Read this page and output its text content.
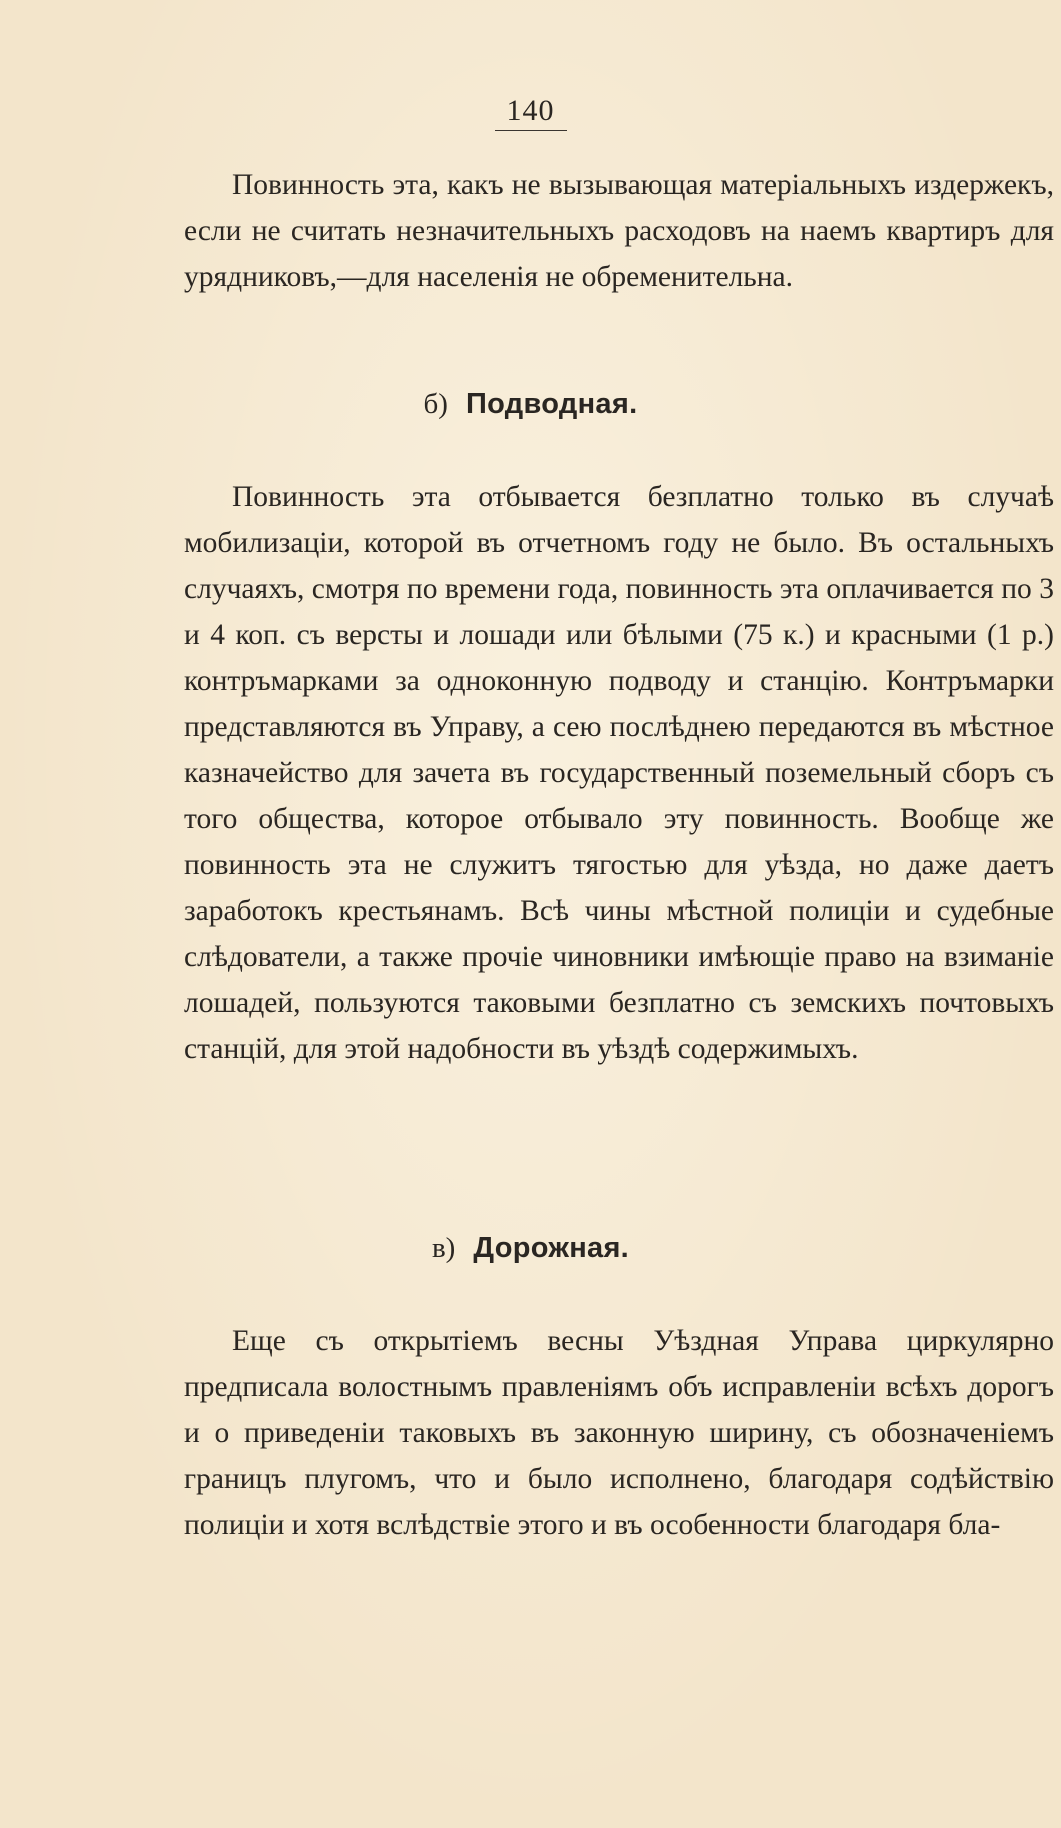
140

Повинность эта, какъ не вызывающая матеріальныхъ издержекъ, если не считать незначительныхъ расходовъ на наемъ квартиръ для урядниковъ,—для населенія не обременительна.

б) Подводная.

Повинность эта отбывается безплатно только въ случаѣ мобилизаціи, которой въ отчетномъ году не было. Въ остальныхъ случаяхъ, смотря по времени года, повинность эта оплачивается по 3 и 4 коп. съ версты и лошади или бѣлыми (75 к.) и красными (1 р.) контръмарками за одноконную подводу и станцію. Контръмарки представляются въ Управу, а сею послѣднею передаются въ мѣстное казначейство для зачета въ государственный поземельный сборъ съ того общества, которое отбывало эту повинность. Вообще же повинность эта не служитъ тягостью для уѣзда, но даже даетъ заработокъ крестьянамъ. Всѣ чины мѣстной полиціи и судебные слѣдователи, а также прочіе чиновники имѣющіе право на взиманіе лошадей, пользуются таковыми безплатно съ земскихъ почтовыхъ станцій, для этой надобности въ уѣздѣ содержимыхъ.

в) Дорожная.

Еще съ открытіемъ весны Уѣздная Управа циркулярно предписала волостнымъ правленіямъ объ исправленіи всѣхъ дорогъ и о приведеніи таковыхъ въ законную ширину, съ обозначеніемъ границъ плугомъ, что и было исполнено, благодаря содѣйствію полиціи и хотя вслѣдствіе этого и въ особенности благодаря бла-
